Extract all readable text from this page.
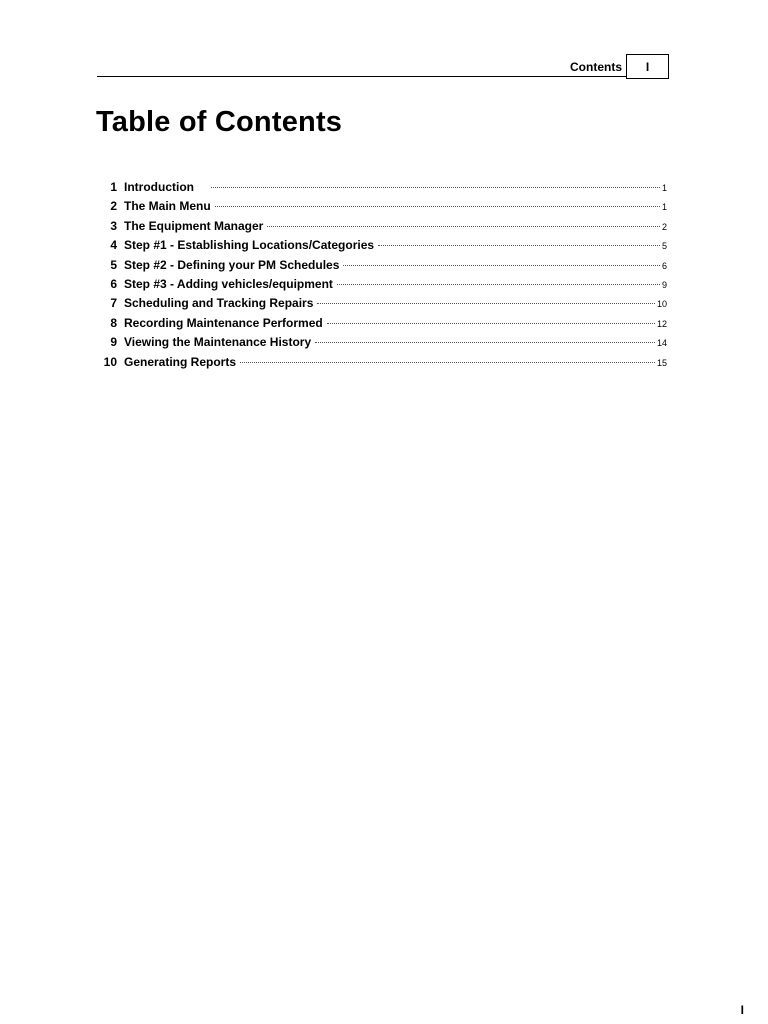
Contents I
Table of Contents
1 Introduction	1
2 The Main Menu	1
3 The Equipment Manager	2
4 Step #1 - Establishing Locations/Categories	5
5 Step #2 - Defining your PM Schedules	6
6 Step #3 - Adding vehicles/equipment	9
7 Scheduling and Tracking Repairs	10
8 Recording Maintenance Performed	12
9 Viewing the Maintenance History	14
10 Generating Reports	15
I
